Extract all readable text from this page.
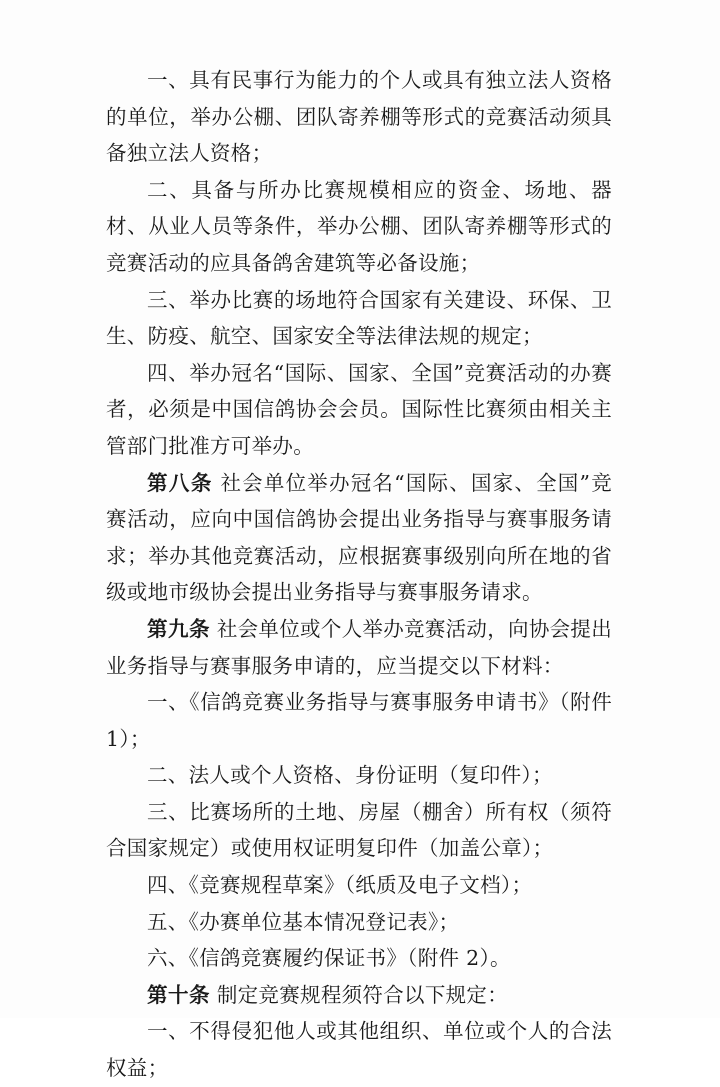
一、具有民事行为能力的个人或具有独立法人资格的单位，举办公棚、团队寄养棚等形式的竞赛活动须具备独立法人资格；

二、具备与所办比赛规模相应的资金、场地、器材、从业人员等条件，举办公棚、团队寄养棚等形式的竞赛活动的应具备鸽舍建筑等必备设施；

三、举办比赛的场地符合国家有关建设、环保、卫生、防疫、航空、国家安全等法律法规的规定；

四、举办冠名“国际、国家、全国”竞赛活动的办赛者，必须是中国信鸽协会会员。国际性比赛须由相关主管部门批准方可举办。

第八条 社会单位举办冠名“国际、国家、全国”竞赛活动，应向中国信鸽协会提出业务指导与赛事服务请求；举办其他竞赛活动，应根据赛事级别向所在地的省级或地市级协会提出业务指导与赛事服务请求。

第九条 社会单位或个人举办竞赛活动，向协会提出业务指导与赛事服务申请的，应当提交以下材料：

一、《信鸽竞赛业务指导与赛事服务申请书》（附件 1）；

二、法人或个人资格、身份证明（复印件）；

三、比赛场所的土地、房屋（棚舍）所有权（须符合国家规定）或使用权证明复印件（加盖公章）；

四、《竞赛规程草案》（纸质及电子文档）；

五、《办赛单位基本情况登记表》；

六、《信鸽竞赛履约保证书》（附件 2）。

第十条 制定竞赛规程须符合以下规定：

一、不得侵犯他人或其他组织、单位或个人的合法权益；
